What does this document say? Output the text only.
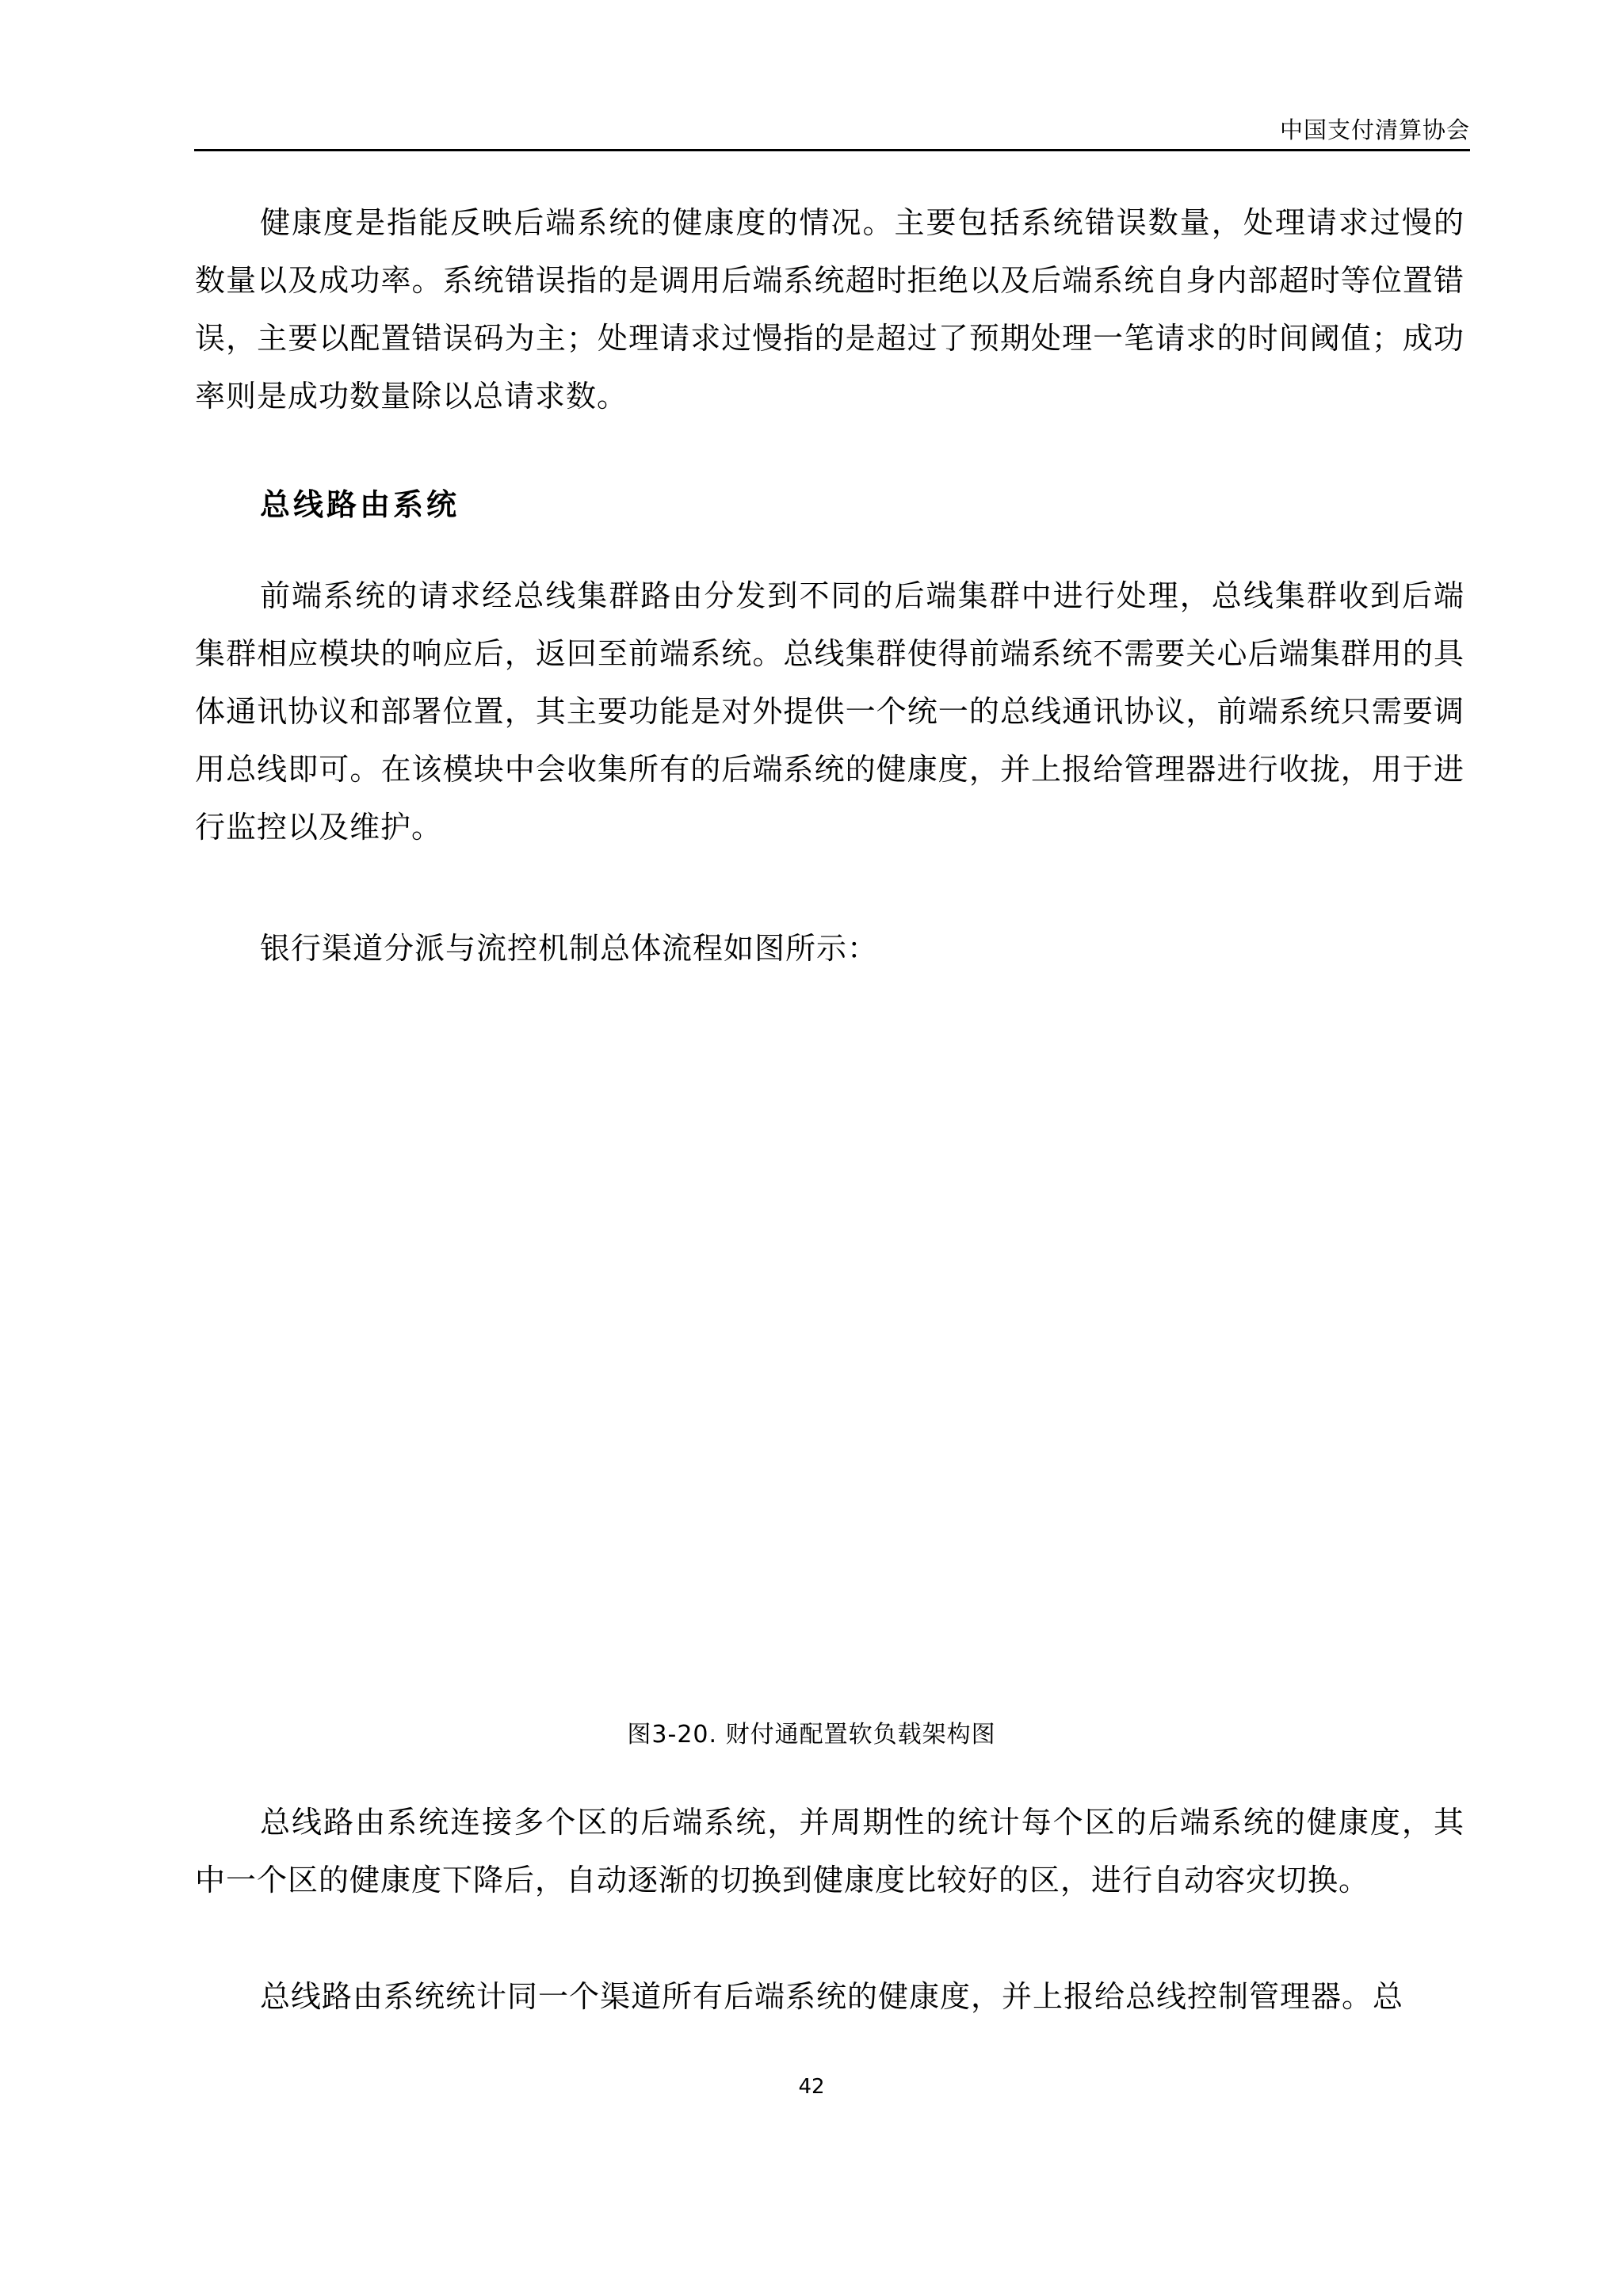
中国支付清算协会

健康度是指能反映后端系统的健康度的情况。主要包括系统错误数量，处理请求过慢的数量以及成功率。系统错误指的是调用后端系统超时拒绝以及后端系统自身内部超时等位置错误，主要以配置错误码为主；处理请求过慢指的是超过了预期处理一笔请求的时间阈值；成功率则是成功数量除以总请求数。

总线路由系统

前端系统的请求经总线集群路由分发到不同的后端集群中进行处理，总线集群收到后端集群相应模块的响应后，返回至前端系统。总线集群使得前端系统不需要关心后端集群用的具体通讯协议和部署位置，其主要功能是对外提供一个统一的总线通讯协议，前端系统只需要调用总线即可。在该模块中会收集所有的后端系统的健康度，并上报给管理器进行收拢，用于进行监控以及维护。

银行渠道分派与流控机制总体流程如图所示：

图3-20. 财付通配置软负载架构图

总线路由系统连接多个区的后端系统，并周期性的统计每个区的后端系统的健康度，其中一个区的健康度下降后，自动逐渐的切换到健康度比较好的区，进行自动容灾切换。

总线路由系统统计同一个渠道所有后端系统的健康度，并上报给总线控制管理器。总

42
